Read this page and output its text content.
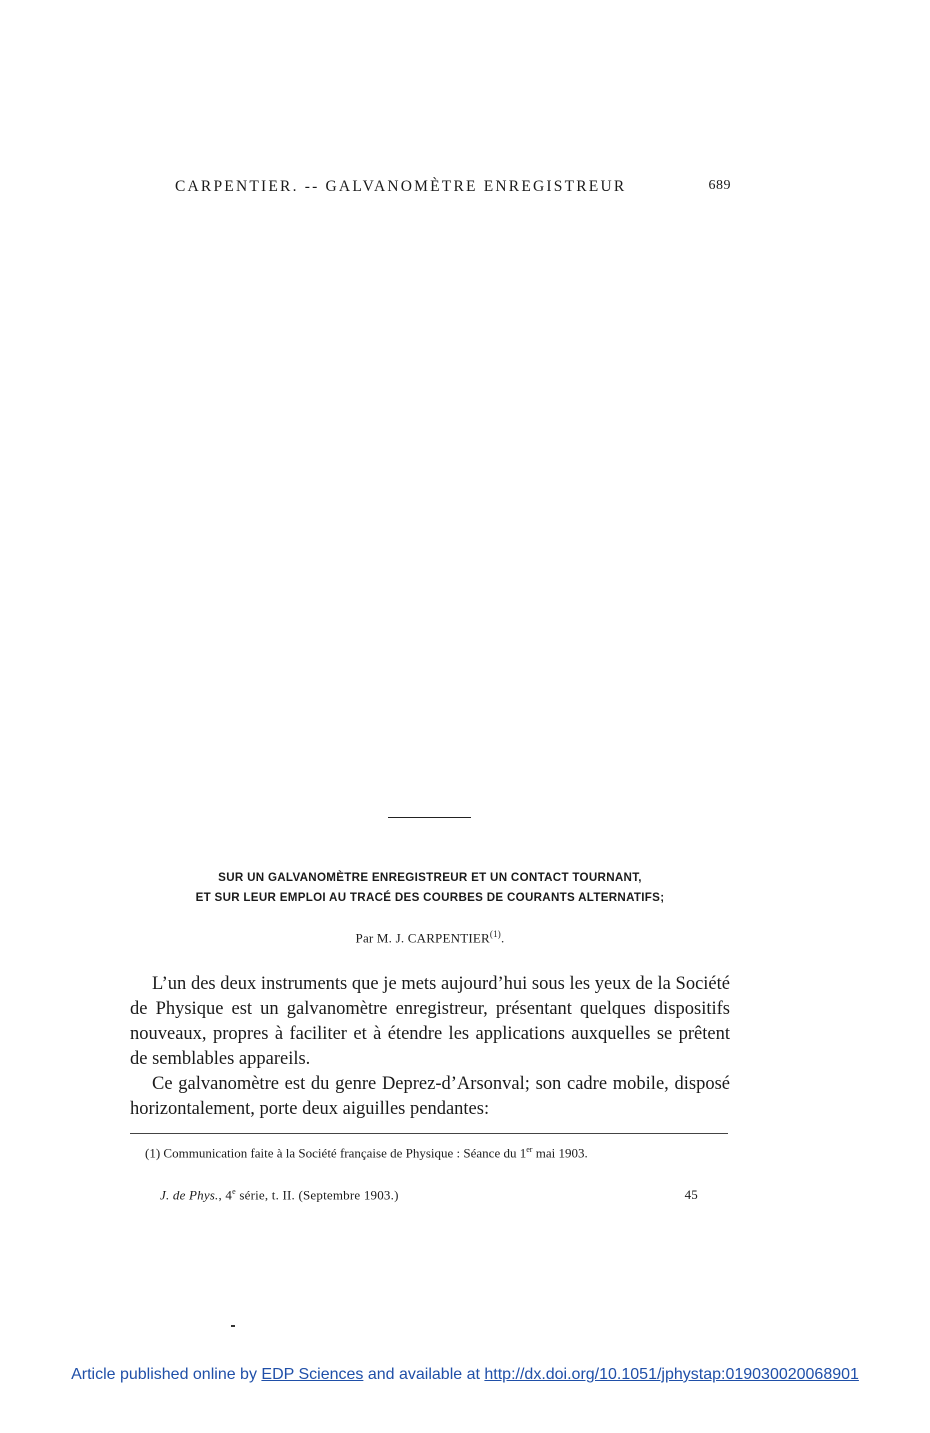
CARPENTIER. -- GALVANOMÈTRE ENREGISTREUR	689
SUR UN GALVANOMÈTRE ENREGISTREUR ET UN CONTACT TOURNANT,
ET SUR LEUR EMPLOI AU TRACÉ DES COURBES DE COURANTS ALTERNATIFS;
Par M. J. CARPENTIER$^{(1)}$.

L’un des deux instruments que je mets aujourd’hui sous les yeux de la Société de Physique est un galvanomètre enregistreur, présentant quelques dispositifs nouveaux, propres à faciliter et à étendre les applications auxquelles se prêtent de semblables appareils.

Ce galvanomètre est du genre Deprez-d’Arsonval; son cadre mobile, disposé horizontalement, porte deux aiguilles pendantes:

(1) Communication faite à la Société française de Physique : Séance du 1er mai 1903.
J. de Phys., 4e série, t. II. (Septembre 1903.)	45
Article published online by EDP Sciences and available at http://dx.doi.org/10.1051/jphystap:019030020068901
